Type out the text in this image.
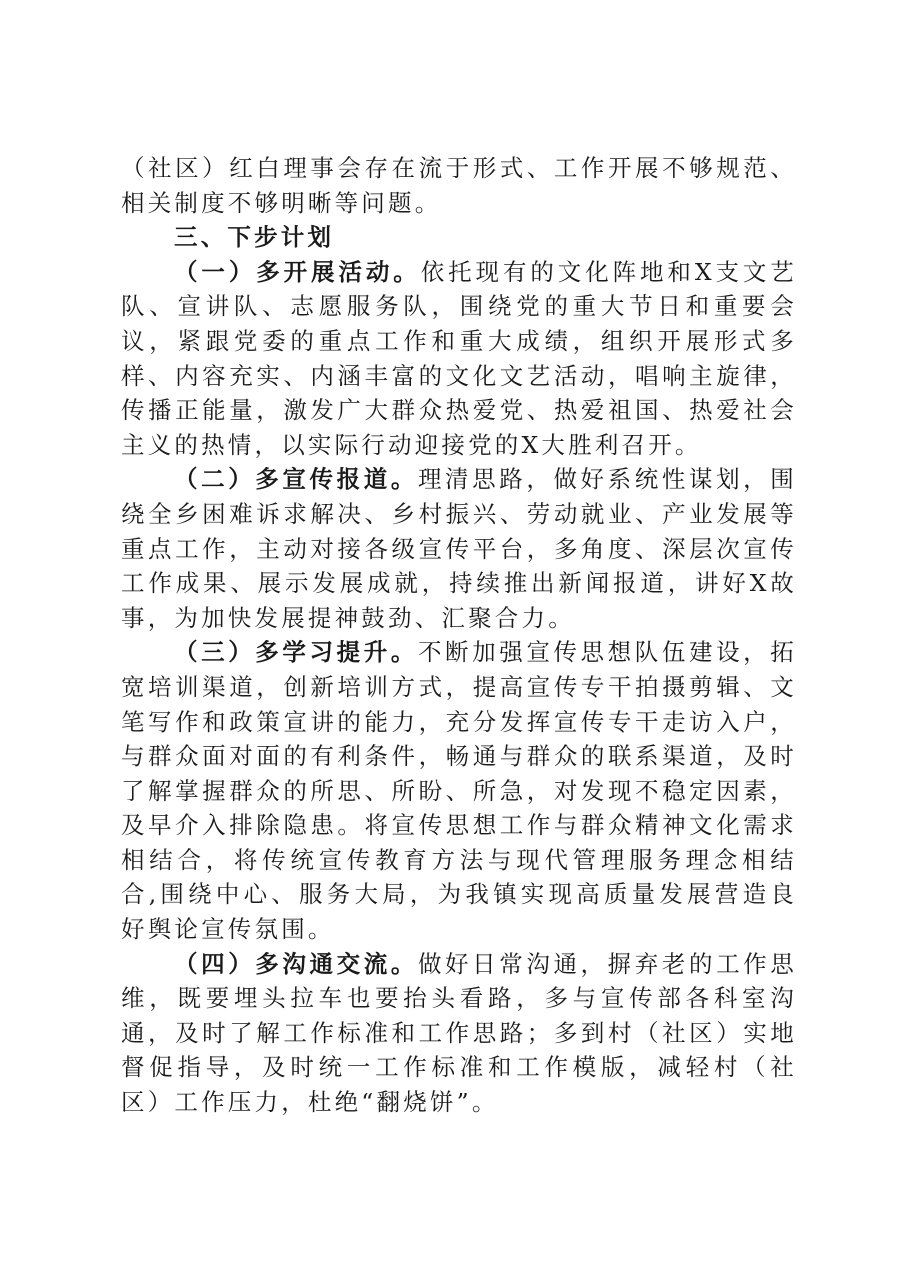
（社区）红白理事会存在流于形式、工作开展不够规范、相关制度不够明晰等问题。

三、下步计划

（一）多开展活动。依托现有的文化阵地和X支文艺队、宣讲队、志愿服务队，围绕党的重大节日和重要会议，紧跟党委的重点工作和重大成绩，组织开展形式多样、内容充实、内涵丰富的文化文艺活动，唱响主旋律，传播正能量，激发广大群众热爱党、热爱祖国、热爱社会主义的热情，以实际行动迎接党的X大胜利召开。

（二）多宣传报道。理清思路，做好系统性谋划，围绕全乡困难诉求解决、乡村振兴、劳动就业、产业发展等重点工作，主动对接各级宣传平台，多角度、深层次宣传工作成果、展示发展成就，持续推出新闻报道，讲好X故事，为加快发展提神鼓劲、汇聚合力。

（三）多学习提升。不断加强宣传思想队伍建设，拓宽培训渠道，创新培训方式，提高宣传专干拍摄剪辑、文笔写作和政策宣讲的能力，充分发挥宣传专干走访入户，与群众面对面的有利条件，畅通与群众的联系渠道，及时了解掌握群众的所思、所盼、所急，对发现不稳定因素，及早介入排除隐患。将宣传思想工作与群众精神文化需求相结合，将传统宣传教育方法与现代管理服务理念相结合,围绕中心、服务大局，为我镇实现高质量发展营造良好舆论宣传氛围。

（四）多沟通交流。做好日常沟通，摒弃老的工作思维，既要埋头拉车也要抬头看路，多与宣传部各科室沟通，及时了解工作标准和工作思路；多到村（社区）实地督促指导，及时统一工作标准和工作模版，减轻村（社区）工作压力，杜绝“翻烧饼”。
